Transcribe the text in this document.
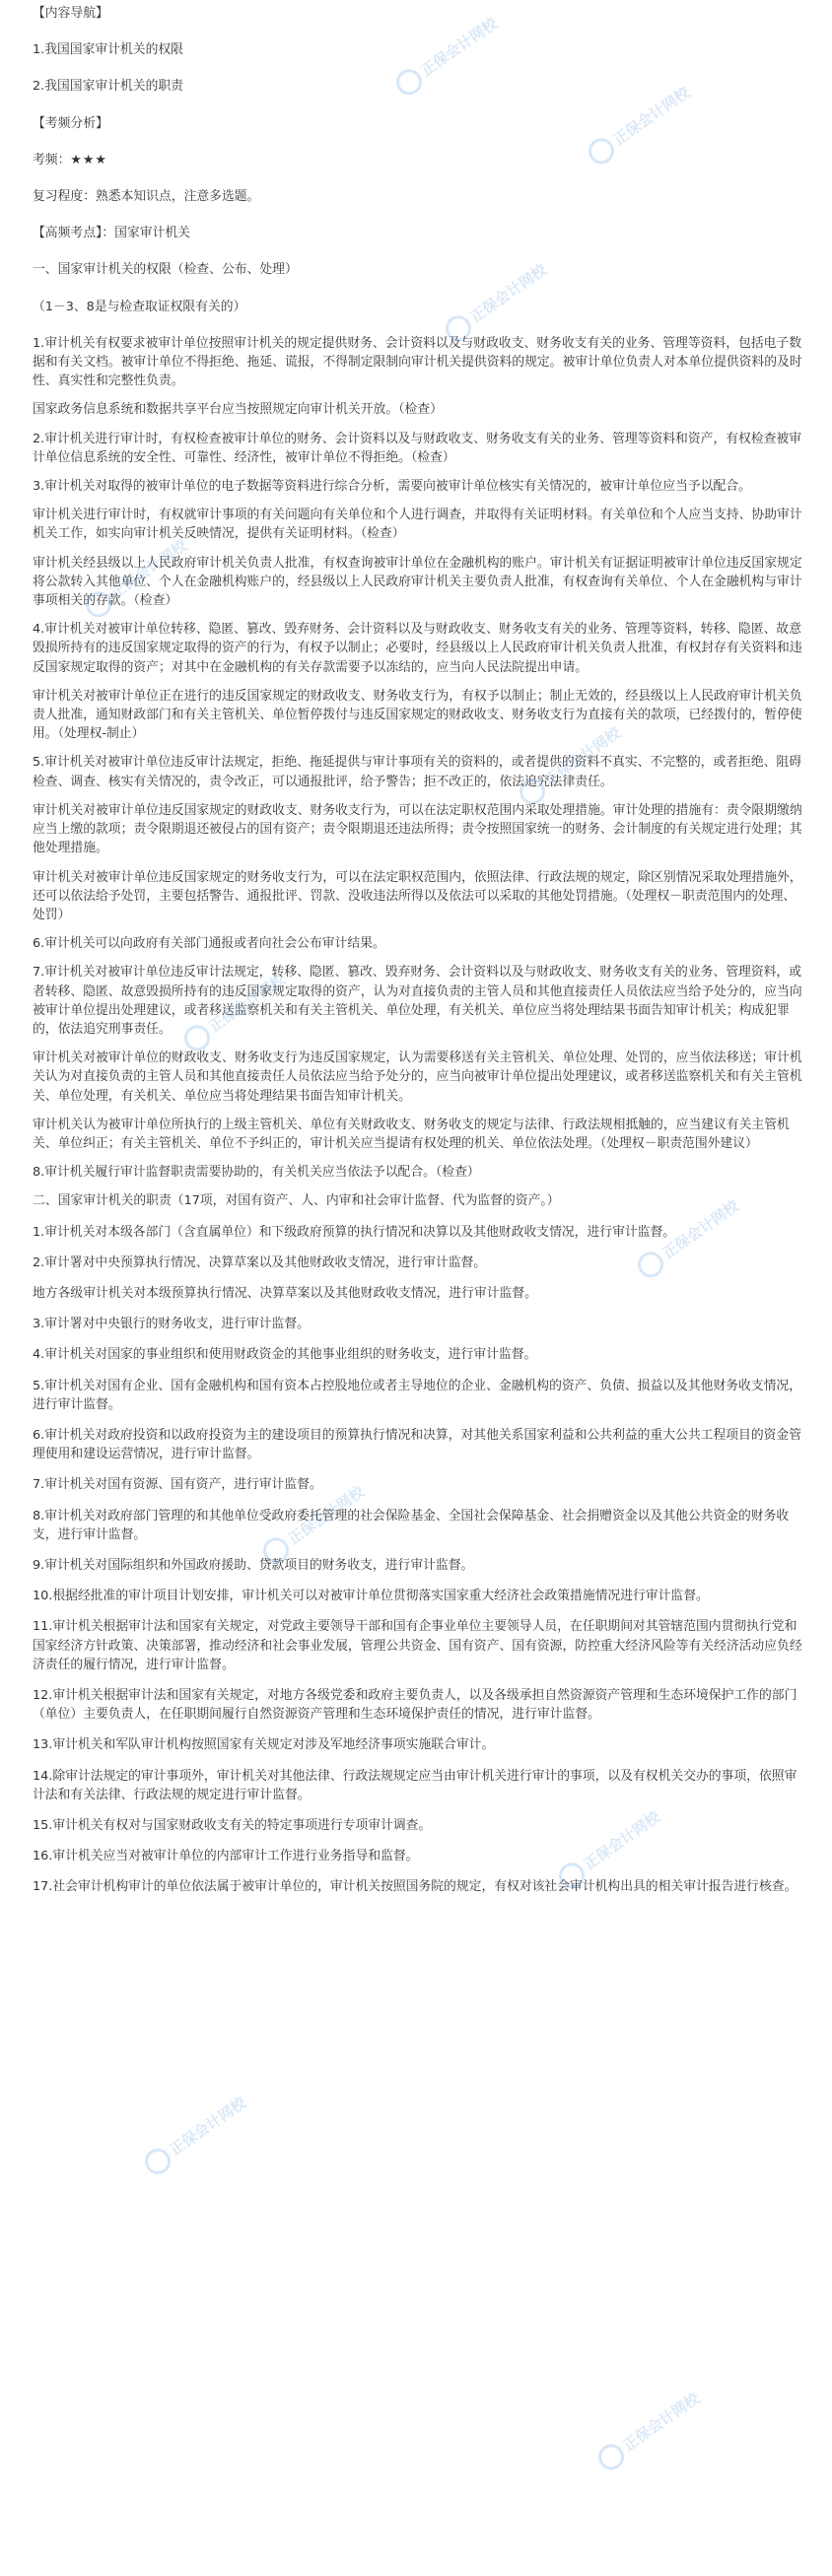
【内容导航】

1.我国国家审计机关的权限

2.我国国家审计机关的职责

【考频分析】

考频：★★★

复习程度：熟悉本知识点，注意多选题。

【高频考点】：国家审计机关

一、国家审计机关的权限（检查、公布、处理）

（1－3、8是与检查取证权限有关的）

1.审计机关有权要求被审计单位按照审计机关的规定提供财务、会计资料以及与财政收支、财务收支有关的业务、管理等资料，包括电子数据和有关文档。被审计单位不得拒绝、拖延、谎报，不得制定限制向审计机关提供资料的规定。被审计单位负责人对本单位提供资料的及时性、真实性和完整性负责。

国家政务信息系统和数据共享平台应当按照规定向审计机关开放。（检查）

2.审计机关进行审计时，有权检查被审计单位的财务、会计资料以及与财政收支、财务收支有关的业务、管理等资料和资产，有权检查被审计单位信息系统的安全性、可靠性、经济性，被审计单位不得拒绝。（检查）

3.审计机关对取得的被审计单位的电子数据等资料进行综合分析，需要向被审计单位核实有关情况的，被审计单位应当予以配合。

审计机关进行审计时，有权就审计事项的有关问题向有关单位和个人进行调查，并取得有关证明材料。有关单位和个人应当支持、协助审计机关工作，如实向审计机关反映情况，提供有关证明材料。（检查）

审计机关经县级以上人民政府审计机关负责人批准，有权查询被审计单位在金融机构的账户。审计机关有证据证明被审计单位违反国家规定将公款转入其他单位、个人在金融机构账户的，经县级以上人民政府审计机关主要负责人批准，有权查询有关单位、个人在金融机构与审计事项相关的存款。（检查）

4.审计机关对被审计单位转移、隐匿、篡改、毁弃财务、会计资料以及与财政收支、财务收支有关的业务、管理等资料，转移、隐匿、故意毁损所持有的违反国家规定取得的资产的行为，有权予以制止；必要时，经县级以上人民政府审计机关负责人批准，有权封存有关资料和违反国家规定取得的资产；对其中在金融机构的有关存款需要予以冻结的，应当向人民法院提出申请。

审计机关对被审计单位正在进行的违反国家规定的财政收支、财务收支行为，有权予以制止；制止无效的，经县级以上人民政府审计机关负责人批准，通知财政部门和有关主管机关、单位暂停拨付与违反国家规定的财政收支、财务收支行为直接有关的款项，已经拨付的，暂停使用。（处理权-制止）

5.审计机关对被审计单位违反审计法规定，拒绝、拖延提供与审计事项有关的资料的，或者提供的资料不真实、不完整的，或者拒绝、阻碍检查、调查、核实有关情况的，责令改正，可以通报批评，给予警告；拒不改正的，依法追究法律责任。

审计机关对被审计单位违反国家规定的财政收支、财务收支行为，可以在法定职权范围内采取处理措施。审计处理的措施有：责令限期缴纳应当上缴的款项；责令限期退还被侵占的国有资产；责令限期退还违法所得；责令按照国家统一的财务、会计制度的有关规定进行处理；其他处理措施。

审计机关对被审计单位违反国家规定的财务收支行为，可以在法定职权范围内，依照法律、行政法规的规定，除区别情况采取处理措施外，还可以依法给予处罚，主要包括警告、通报批评、罚款、没收违法所得以及依法可以采取的其他处罚措施。（处理权－职责范围内的处理、处罚）

6.审计机关可以向政府有关部门通报或者向社会公布审计结果。

7.审计机关对被审计单位违反审计法规定，转移、隐匿、篡改、毁弃财务、会计资料以及与财政收支、财务收支有关的业务、管理资料，或者转移、隐匿、故意毁损所持有的违反国家规定取得的资产，认为对直接负责的主管人员和其他直接责任人员依法应当给予处分的，应当向被审计单位提出处理建议，或者移送监察机关和有关主管机关、单位处理，有关机关、单位应当将处理结果书面告知审计机关；构成犯罪的，依法追究刑事责任。

审计机关对被审计单位的财政收支、财务收支行为违反国家规定，认为需要移送有关主管机关、单位处理、处罚的，应当依法移送；审计机关认为对直接负责的主管人员和其他直接责任人员依法应当给予处分的，应当向被审计单位提出处理建议，或者移送监察机关和有关主管机关、单位处理，有关机关、单位应当将处理结果书面告知审计机关。

审计机关认为被审计单位所执行的上级主管机关、单位有关财政收支、财务收支的规定与法律、行政法规相抵触的，应当建议有关主管机关、单位纠正；有关主管机关、单位不予纠正的，审计机关应当提请有权处理的机关、单位依法处理。（处理权－职责范围外建议）

8.审计机关履行审计监督职责需要协助的，有关机关应当依法予以配合。（检查）

二、国家审计机关的职责（17项，对国有资产、人、内审和社会审计监督、代为监督的资产。）

1.审计机关对本级各部门（含直属单位）和下级政府预算的执行情况和决算以及其他财政收支情况，进行审计监督。

2.审计署对中央预算执行情况、决算草案以及其他财政收支情况，进行审计监督。

地方各级审计机关对本级预算执行情况、决算草案以及其他财政收支情况，进行审计监督。

3.审计署对中央银行的财务收支，进行审计监督。

4.审计机关对国家的事业组织和使用财政资金的其他事业组织的财务收支，进行审计监督。

5.审计机关对国有企业、国有金融机构和国有资本占控股地位或者主导地位的企业、金融机构的资产、负债、损益以及其他财务收支情况，进行审计监督。

6.审计机关对政府投资和以政府投资为主的建设项目的预算执行情况和决算，对其他关系国家利益和公共利益的重大公共工程项目的资金管理使用和建设运营情况，进行审计监督。

7.审计机关对国有资源、国有资产，进行审计监督。

8.审计机关对政府部门管理的和其他单位受政府委托管理的社会保险基金、全国社会保障基金、社会捐赠资金以及其他公共资金的财务收支，进行审计监督。

9.审计机关对国际组织和外国政府援助、贷款项目的财务收支，进行审计监督。

10.根据经批准的审计项目计划安排，审计机关可以对被审计单位贯彻落实国家重大经济社会政策措施情况进行审计监督。

11.审计机关根据审计法和国家有关规定，对党政主要领导干部和国有企事业单位主要领导人员，在任职期间对其管辖范围内贯彻执行党和国家经济方针政策、决策部署，推动经济和社会事业发展，管理公共资金、国有资产、国有资源，防控重大经济风险等有关经济活动应负经济责任的履行情况，进行审计监督。

12.审计机关根据审计法和国家有关规定，对地方各级党委和政府主要负责人，以及各级承担自然资源资产管理和生态环境保护工作的部门（单位）主要负责人，在任职期间履行自然资源资产管理和生态环境保护责任的情况，进行审计监督。

13.审计机关和军队审计机构按照国家有关规定对涉及军地经济事项实施联合审计。

14.除审计法规定的审计事项外，审计机关对其他法律、行政法规规定应当由审计机关进行审计的事项，以及有权机关交办的事项，依照审计法和有关法律、行政法规的规定进行审计监督。

15.审计机关有权对与国家财政收支有关的特定事项进行专项审计调查。

16.审计机关应当对被审计单位的内部审计工作进行业务指导和监督。

17.社会审计机构审计的单位依法属于被审计单位的，审计机关按照国务院的规定，有权对该社会审计机构出具的相关审计报告进行核查。

正保会计网校
正保会计网校
正保会计网校
正保会计网校
正保会计网校
正保会计网校
正保会计网校
正保会计网校
正保会计网校
正保会计网校
正保会计网校
